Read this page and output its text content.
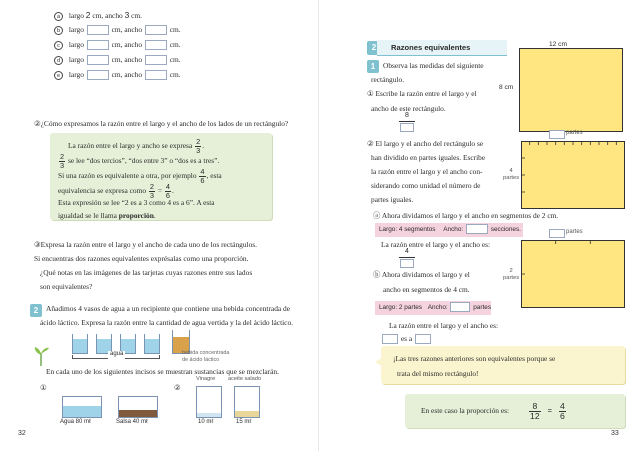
a largo 2 cm, ancho 3 cm.
b largo	cm, ancho	cm.
c largo	cm, ancho	cm.
d largo	cm, ancho	cm.
e largo	cm, ancho	cm.
②¿Cómo expresamos la razón entre el largo y el ancho de los lados de un rectángulo?
La razón entre el largo y ancho se expresa $\frac{2}{3}$ .
$\frac{2}{3}$ se lee “dos tercios”, “dos entre 3” o “dos es a tres”.
Si una razón es equivalente a otra, por ejemplo $\frac{4}{6}$ , esta
equivalencia se expresa como $\frac{2}{3} = \frac{4}{6}$ .
Esta expresión se lee “2 es a 3 como 4 es a 6”. A esta
igualdad se le llama proporción.
③Expresa la razón entre el largo y el ancho de cada uno de los rectángulos.
Si encuentras dos razones equivalentes exprésalas como una proporción.
¿Qué notas en las imágenes de las tarjetas cuyas razones entre sus lados
son equivalentes?
2	Añadimos 4 vasos de agua a un recipiente que contiene una bebida concentrada de
ácido láctico. Expresa la razón entre la cantidad de agua vertida y la del ácido láctico.
agua	bebida concentrada
de ácido láctico
En cada uno de los siguientes incisos se muestran sustancias que se mezclarán.
①
Agua 80 mℓ	Salsa 40 mℓ
②
Vinagre aceite salado
10 mℓ	15 mℓ
32
2	Razones equivalentes
1	Observa las medidas del siguiente
rectángulo.
① Escribe la razón entre el largo y el
ancho de este rectángulo.
8
12 cm
8 cm
② El largo y el ancho del rectángulo se
han dividido en partes iguales. Escribe
la razón entre el largo y el ancho con-
siderando como unidad el número de
partes iguales.
partes
4
partes
ⓐ Ahora dividamos el largo y el ancho en segmentos de 2 cm.
Largo: 4 segmentos Ancho:	secciones.
La razón entre el largo y el ancho es:
4
partes
2
partes
ⓑ Ahora dividamos el largo y el
ancho en segmentos de 4 cm.
Largo: 2 partes Ancho:	partes
La razón entre el largo y el ancho es:
es a
¡Las tres razones anteriores son equivalentes porque se
trata del mismo rectángulo!
En este caso la proporción es: $\frac{8}{12} = \frac{4}{6}$
33
